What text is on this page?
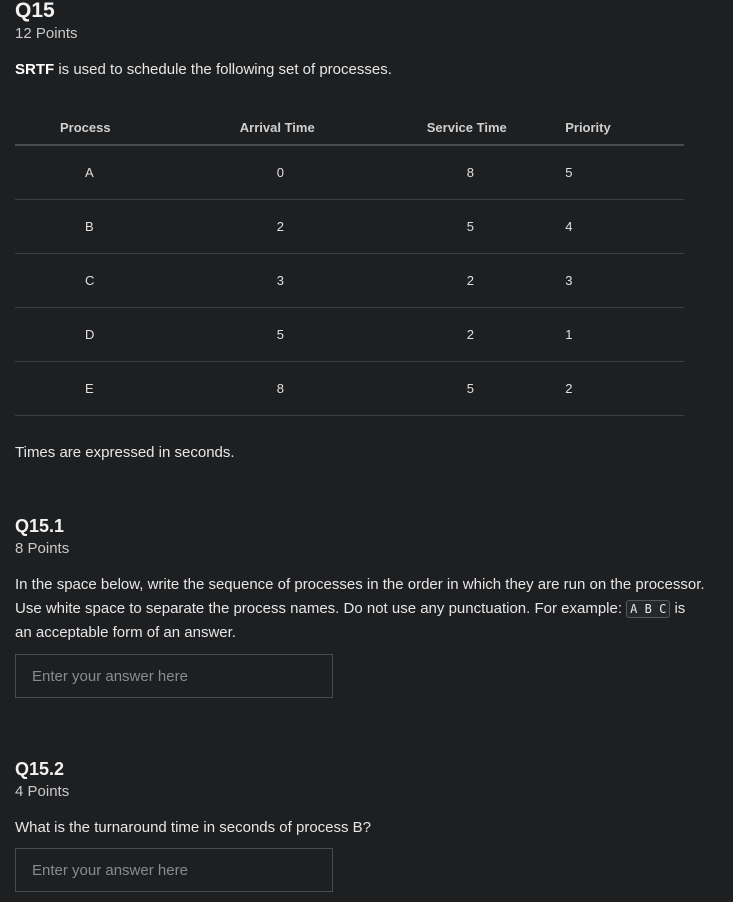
Q15
12 Points
SRTF is used to schedule the following set of processes.
Process	Arrival Time	Service Time	Priority
A	0	8	5
B	2	5	4
C	3	2	3
D	5	2	1
E	8	5	2
Times are expressed in seconds.
Q15.1
8 Points
In the space below, write the sequence of processes in the order in which they are run on the processor. Use white space to separate the process names. Do not use any punctuation. For example: A B C is an acceptable form of an answer.
Enter your answer here
Q15.2
4 Points
What is the turnaround time in seconds of process B?
Enter your answer here
